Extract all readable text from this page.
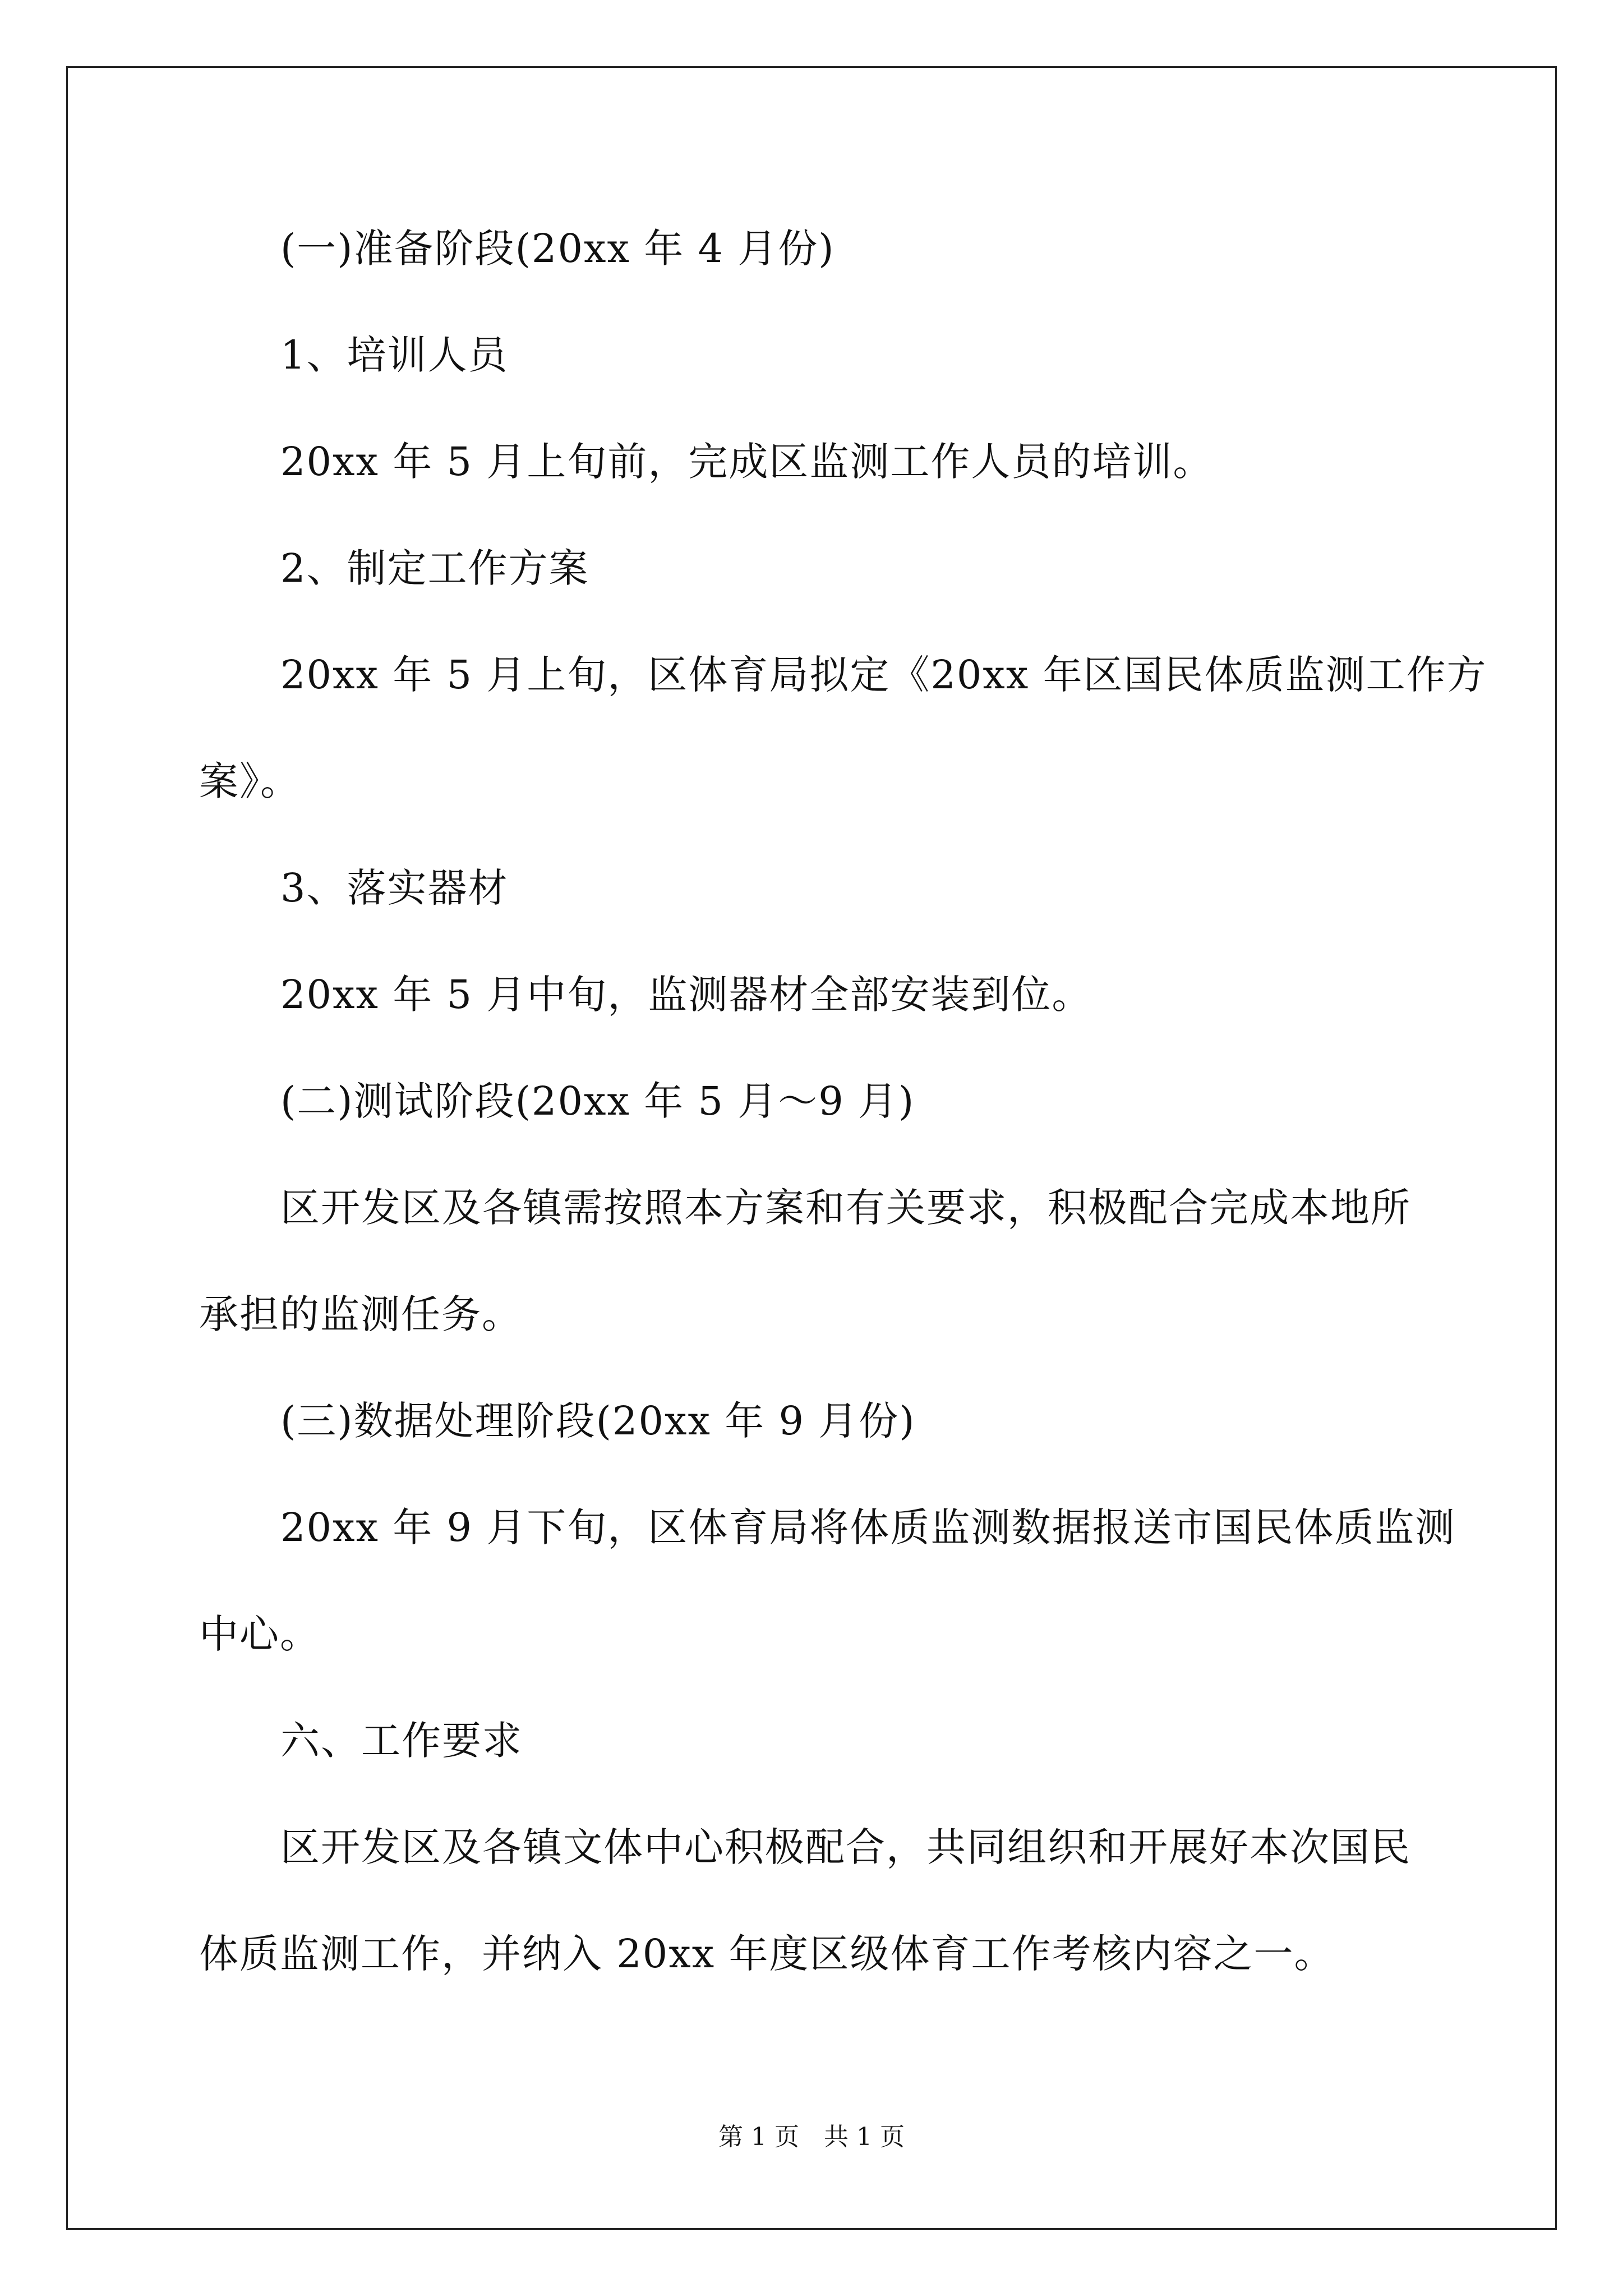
(一)准备阶段(20xx 年 4 月份)
1、培训人员
20xx 年 5 月上旬前，完成区监测工作人员的培训。
2、制定工作方案
20xx 年 5 月上旬，区体育局拟定《20xx 年区国民体质监测工作方
案》。
3、落实器材
20xx 年 5 月中旬，监测器材全部安装到位。
(二)测试阶段(20xx 年 5 月～9 月)
区开发区及各镇需按照本方案和有关要求，积极配合完成本地所
承担的监测任务。
(三)数据处理阶段(20xx 年 9 月份)
20xx 年 9 月下旬，区体育局将体质监测数据报送市国民体质监测
中心。
六、工作要求
区开发区及各镇文体中心积极配合，共同组织和开展好本次国民
体质监测工作，并纳入 20xx 年度区级体育工作考核内容之一。
第 1 页　共 1 页
